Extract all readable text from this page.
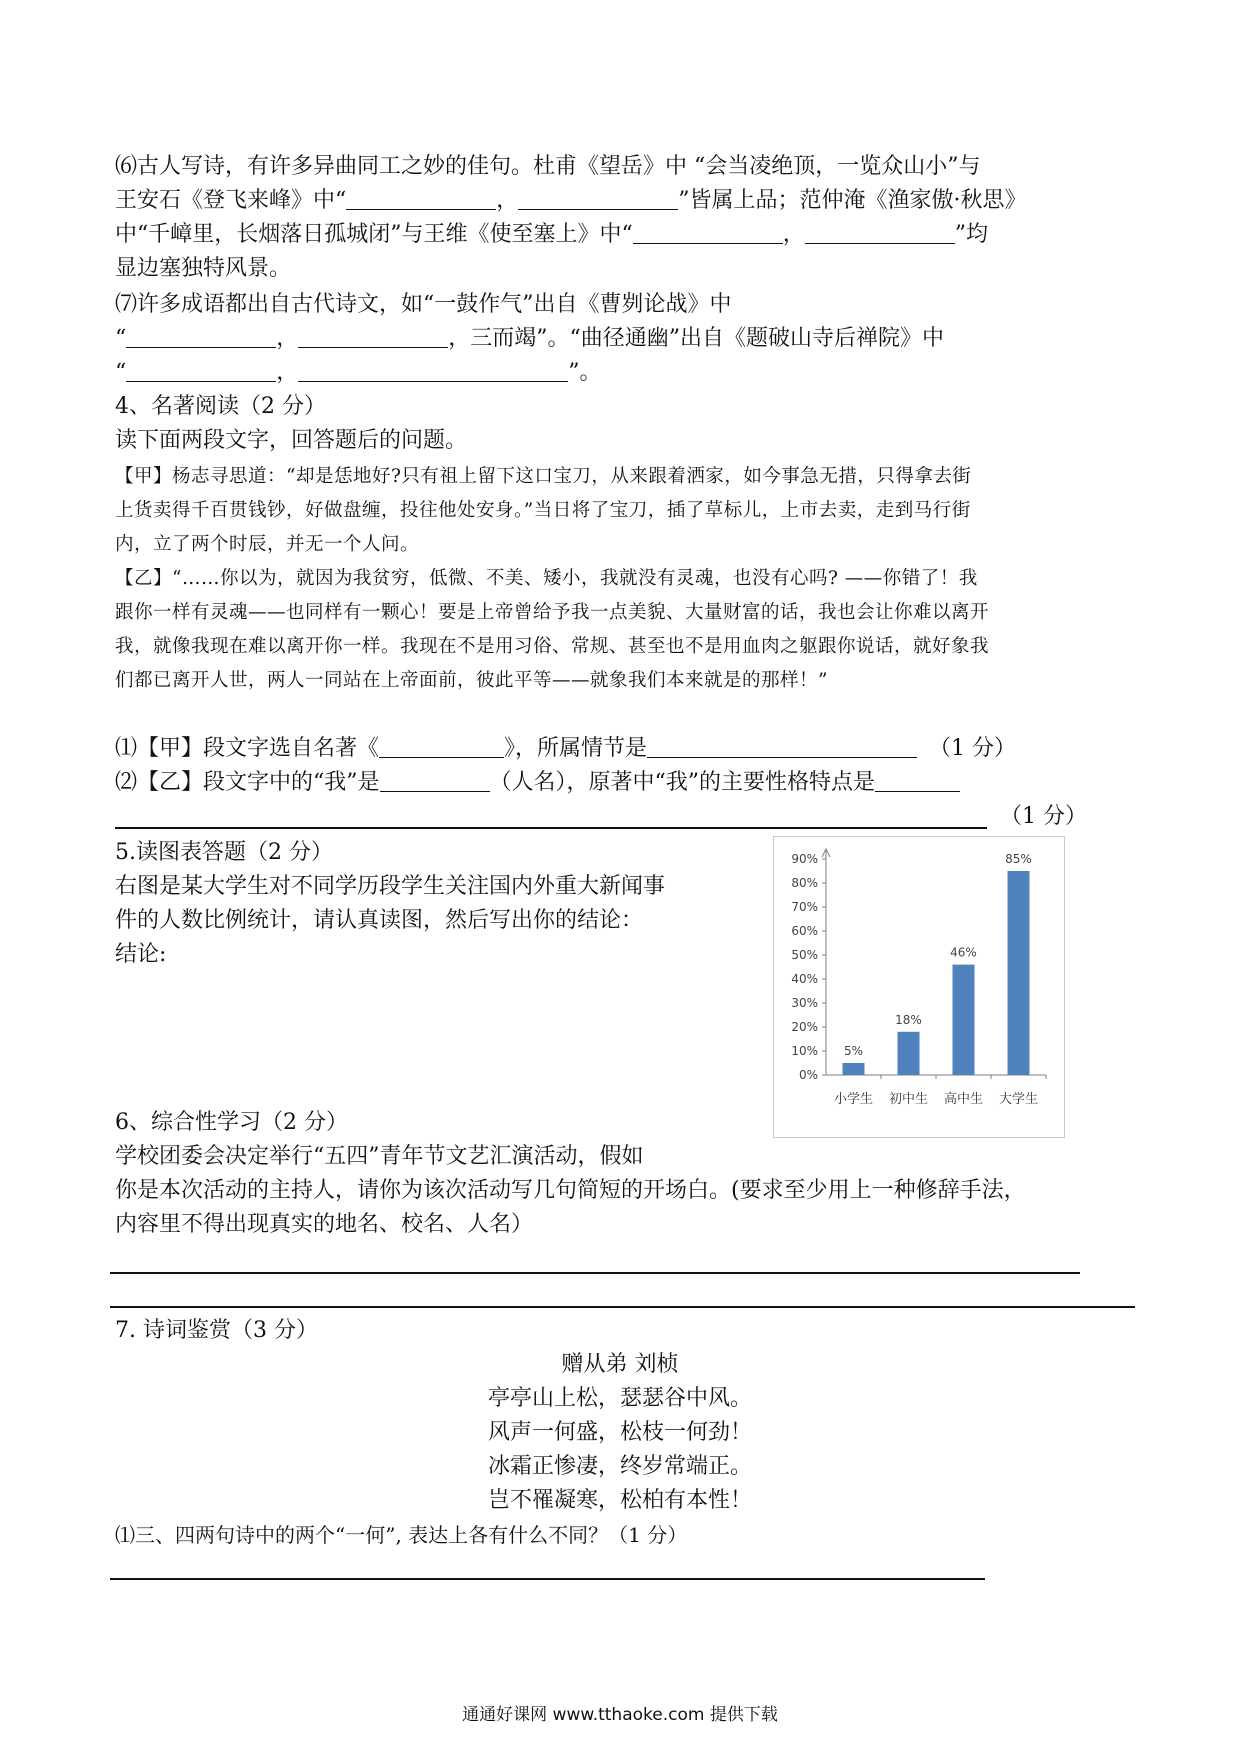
⑹古人写诗，有许多异曲同工之妙的佳句。杜甫《望岳》中 “会当凌绝顶，一览众山小”与
王安石《登飞来峰》中“	，	”皆属上品；范仲淹《渔家傲·秋思》
中“千嶂里，长烟落日孤城闭”与王维《使至塞上》中“	，	”均
显边塞独特风景。
⑺许多成语都出自古代诗文，如“一鼓作气”出自《曹刿论战》中
“	，	，三而竭”。“曲径通幽”出自《题破山寺后禅院》中
“	，	”。
4、名著阅读（2 分）
读下面两段文字，回答题后的问题。
【甲】杨志寻思道：“却是恁地好?只有祖上留下这口宝刀，从来跟着洒家，如今事急无措，只得拿去街
上货卖得千百贯钱钞，好做盘缠，投往他处安身。”当日将了宝刀，插了草标儿，上市去卖，走到马行街
内，立了两个时辰，并无一个人问。
【乙】“……你以为，就因为我贫穷，低微、不美、矮小，我就没有灵魂，也没有心吗? ——你错了！我
跟你一样有灵魂——也同样有一颗心！要是上帝曾给予我一点美貌、大量财富的话，我也会让你难以离开
我，就像我现在难以离开你一样。我现在不是用习俗、常规、甚至也不是用血肉之躯跟你说话，就好象我
们都已离开人世，两人一同站在上帝面前，彼此平等——就象我们本来就是的那样！”
⑴【甲】段文字选自名著《	》，所属情节是	（1 分）
⑵【乙】段文字中的“我”是	（人名），原著中“我”的主要性格特点是
（1 分）
5.读图表答题（2 分）
右图是某大学生对不同学历段学生关注国内外重大新闻事
件的人数比例统计，请认真读图，然后写出你的结论：
结论:
0%
10%
20%
30%
40%
50%
60%
70%
80%
90%
5%
小学生
18%
初中生
46%
高中生
85%
大学生
6、综合性学习（2 分）
学校团委会决定举行“五四”青年节文艺汇演活动，假如
你是本次活动的主持人，请你为该次活动写几句简短的开场白。(要求至少用上一种修辞手法，
内容里不得出现真实的地名、校名、人名）
7. 诗词鉴赏（3 分）
赠从弟 刘桢
亭亭山上松，瑟瑟谷中风。
风声一何盛，松枝一何劲！
冰霜正惨凄，终岁常端正。
岂不罹凝寒，松柏有本性！
⑴三、四两句诗中的两个“一何”, 表达上各有什么不同？（1 分）
通通好课网 www.tthaoke.com 提供下载
